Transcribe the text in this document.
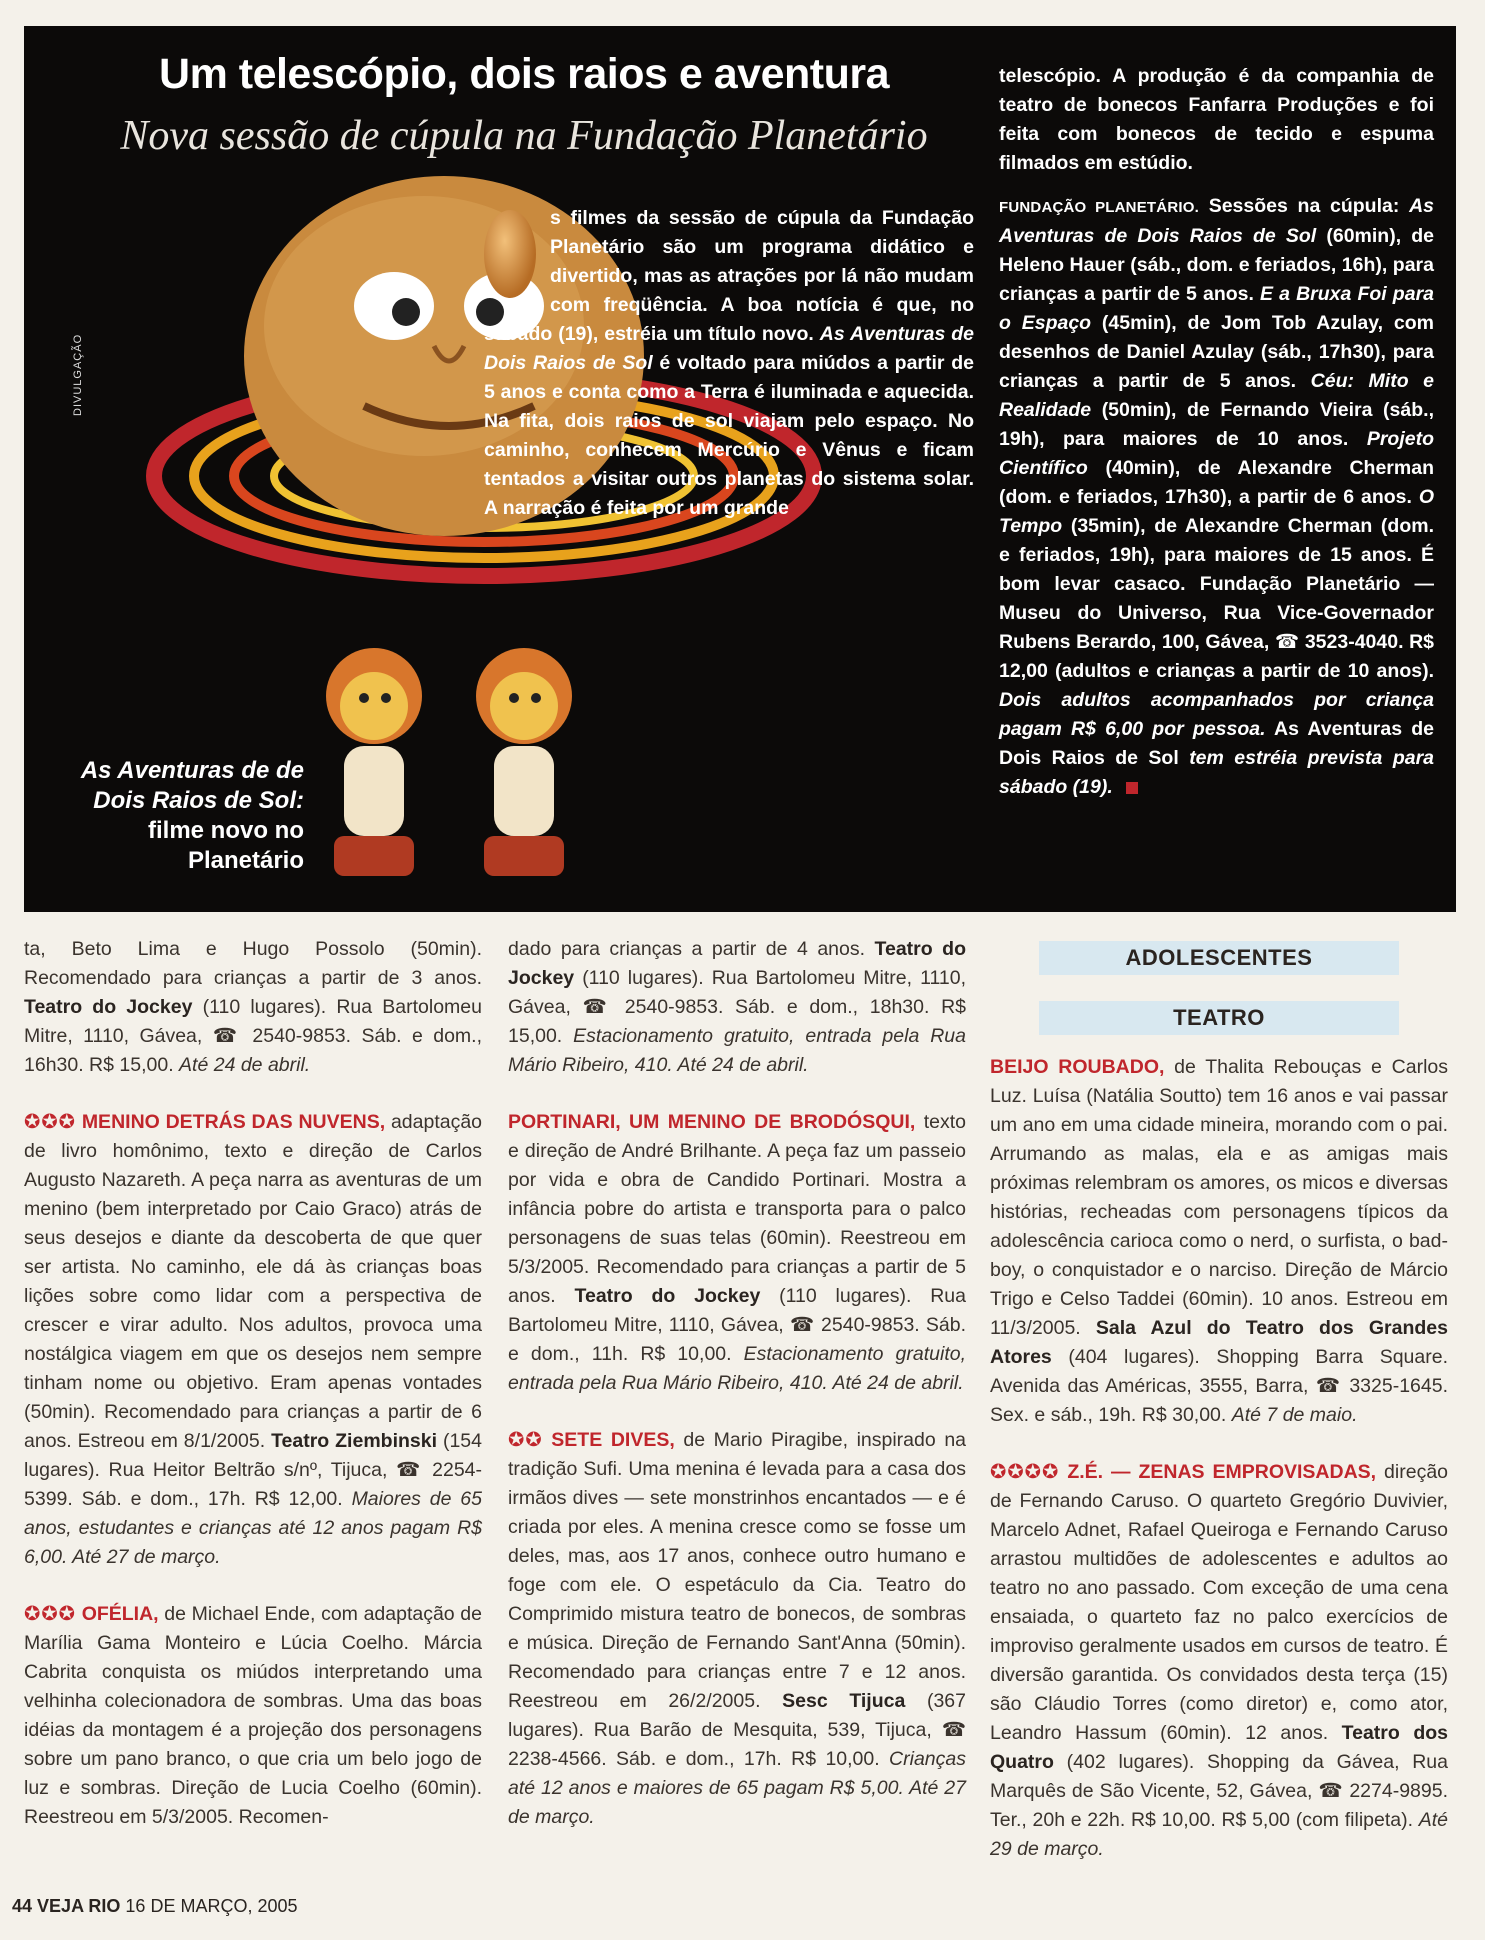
Um telescópio, dois raios e aventura
Nova sessão de cúpula na Fundação Planetário
DIVULGAÇÃO
As Aventuras de de Dois Raios de Sol: filme novo no Planetário
s filmes da sessão de cúpula da Fundação Planetário são um programa didático e divertido, mas as atrações por lá não mudam com freqüência. A boa notícia é que, no sábado (19), estréia um título novo. As Aventuras de Dois Raios de Sol é voltado para miúdos a partir de 5 anos e conta como a Terra é iluminada e aquecida. Na fita, dois raios de sol viajam pelo espaço. No caminho, conhecem Mercúrio e Vênus e ficam tentados a visitar outros planetas do sistema solar. A narração é feita por um grande

telescópio. A produção é da companhia de teatro de bonecos Fanfarra Produções e foi feita com bonecos de tecido e espuma filmados em estúdio.

FUNDAÇÃO PLANETÁRIO. Sessões na cúpula: As Aventuras de Dois Raios de Sol (60min), de Heleno Hauer (sáb., dom. e feriados, 16h), para crianças a partir de 5 anos. E a Bruxa Foi para o Espaço (45min), de Jom Tob Azulay, com desenhos de Daniel Azulay (sáb., 17h30), para crianças a partir de 5 anos. Céu: Mito e Realidade (50min), de Fernando Vieira (sáb., 19h), para maiores de 10 anos. Projeto Científico (40min), de Alexandre Cherman (dom. e feriados, 17h30), a partir de 6 anos. O Tempo (35min), de Alexandre Cherman (dom. e feriados, 19h), para maiores de 15 anos. É bom levar casaco. Fundação Planetário — Museu do Universo, Rua Vice-Governador Rubens Berardo, 100, Gávea, ☎ 3523-4040. R$ 12,00 (adultos e crianças a partir de 10 anos). Dois adultos acompanhados por criança pagam R$ 6,00 por pessoa. As Aventuras de Dois Raios de Sol tem estréia prevista para sábado (19).

ta, Beto Lima e Hugo Possolo (50min). Recomendado para crianças a partir de 3 anos. Teatro do Jockey (110 lugares). Rua Bartolomeu Mitre, 1110, Gávea, ☎ 2540-9853. Sáb. e dom., 16h30. R$ 15,00. Até 24 de abril.

✪✪✪ MENINO DETRÁS DAS NUVENS, adaptação de livro homônimo, texto e direção de Carlos Augusto Nazareth. A peça narra as aventuras de um menino (bem interpretado por Caio Graco) atrás de seus desejos e diante da descoberta de que quer ser artista. No caminho, ele dá às crianças boas lições sobre como lidar com a perspectiva de crescer e virar adulto. Nos adultos, provoca uma nostálgica viagem em que os desejos nem sempre tinham nome ou objetivo. Eram apenas vontades (50min). Recomendado para crianças a partir de 6 anos. Estreou em 8/1/2005. Teatro Ziembinski (154 lugares). Rua Heitor Beltrão s/nº, Tijuca, ☎ 2254-5399. Sáb. e dom., 17h. R$ 12,00. Maiores de 65 anos, estudantes e crianças até 12 anos pagam R$ 6,00. Até 27 de março.

✪✪✪ OFÉLIA, de Michael Ende, com adaptação de Marília Gama Monteiro e Lúcia Coelho. Márcia Cabrita conquista os miúdos interpretando uma velhinha colecionadora de sombras. Uma das boas idéias da montagem é a projeção dos personagens sobre um pano branco, o que cria um belo jogo de luz e sombras. Direção de Lucia Coelho (60min). Reestreou em 5/3/2005. Recomen-

dado para crianças a partir de 4 anos. Teatro do Jockey (110 lugares). Rua Bartolomeu Mitre, 1110, Gávea, ☎ 2540-9853. Sáb. e dom., 18h30. R$ 15,00. Estacionamento gratuito, entrada pela Rua Mário Ribeiro, 410. Até 24 de abril.

PORTINARI, UM MENINO DE BRODÓSQUI, texto e direção de André Brilhante. A peça faz um passeio por vida e obra de Candido Portinari. Mostra a infância pobre do artista e transporta para o palco personagens de suas telas (60min). Reestreou em 5/3/2005. Recomendado para crianças a partir de 5 anos. Teatro do Jockey (110 lugares). Rua Bartolomeu Mitre, 1110, Gávea, ☎ 2540-9853. Sáb. e dom., 11h. R$ 10,00. Estacionamento gratuito, entrada pela Rua Mário Ribeiro, 410. Até 24 de abril.

✪✪ SETE DIVES, de Mario Piragibe, inspirado na tradição Sufi. Uma menina é levada para a casa dos irmãos dives — sete monstrinhos encantados — e é criada por eles. A menina cresce como se fosse um deles, mas, aos 17 anos, conhece outro humano e foge com ele. O espetáculo da Cia. Teatro do Comprimido mistura teatro de bonecos, de sombras e música. Direção de Fernando Sant'Anna (50min). Recomendado para crianças entre 7 e 12 anos. Reestreou em 26/2/2005. Sesc Tijuca (367 lugares). Rua Barão de Mesquita, 539, Tijuca, ☎ 2238-4566. Sáb. e dom., 17h. R$ 10,00. Crianças até 12 anos e maiores de 65 pagam R$ 5,00. Até 27 de março.

ADOLESCENTES
TEATRO

BEIJO ROUBADO, de Thalita Rebouças e Carlos Luz. Luísa (Natália Soutto) tem 16 anos e vai passar um ano em uma cidade mineira, morando com o pai. Arrumando as malas, ela e as amigas mais próximas relembram os amores, os micos e diversas histórias, recheadas com personagens típicos da adolescência carioca como o nerd, o surfista, o bad-boy, o conquistador e o narciso. Direção de Márcio Trigo e Celso Taddei (60min). 10 anos. Estreou em 11/3/2005. Sala Azul do Teatro dos Grandes Atores (404 lugares). Shopping Barra Square. Avenida das Américas, 3555, Barra, ☎ 3325-1645. Sex. e sáb., 19h. R$ 30,00. Até 7 de maio.

✪✪✪✪ Z.É. — ZENAS EMPROVISADAS, direção de Fernando Caruso. O quarteto Gregório Duvivier, Marcelo Adnet, Rafael Queiroga e Fernando Caruso arrastou multidões de adolescentes e adultos ao teatro no ano passado. Com exceção de uma cena ensaiada, o quarteto faz no palco exercícios de improviso geralmente usados em cursos de teatro. É diversão garantida. Os convidados desta terça (15) são Cláudio Torres (como diretor) e, como ator, Leandro Hassum (60min). 12 anos. Teatro dos Quatro (402 lugares). Shopping da Gávea, Rua Marquês de São Vicente, 52, Gávea, ☎ 2274-9895. Ter., 20h e 22h. R$ 10,00. R$ 5,00 (com filipeta). Até 29 de março.

44 VEJA RIO 16 DE MARÇO, 2005
